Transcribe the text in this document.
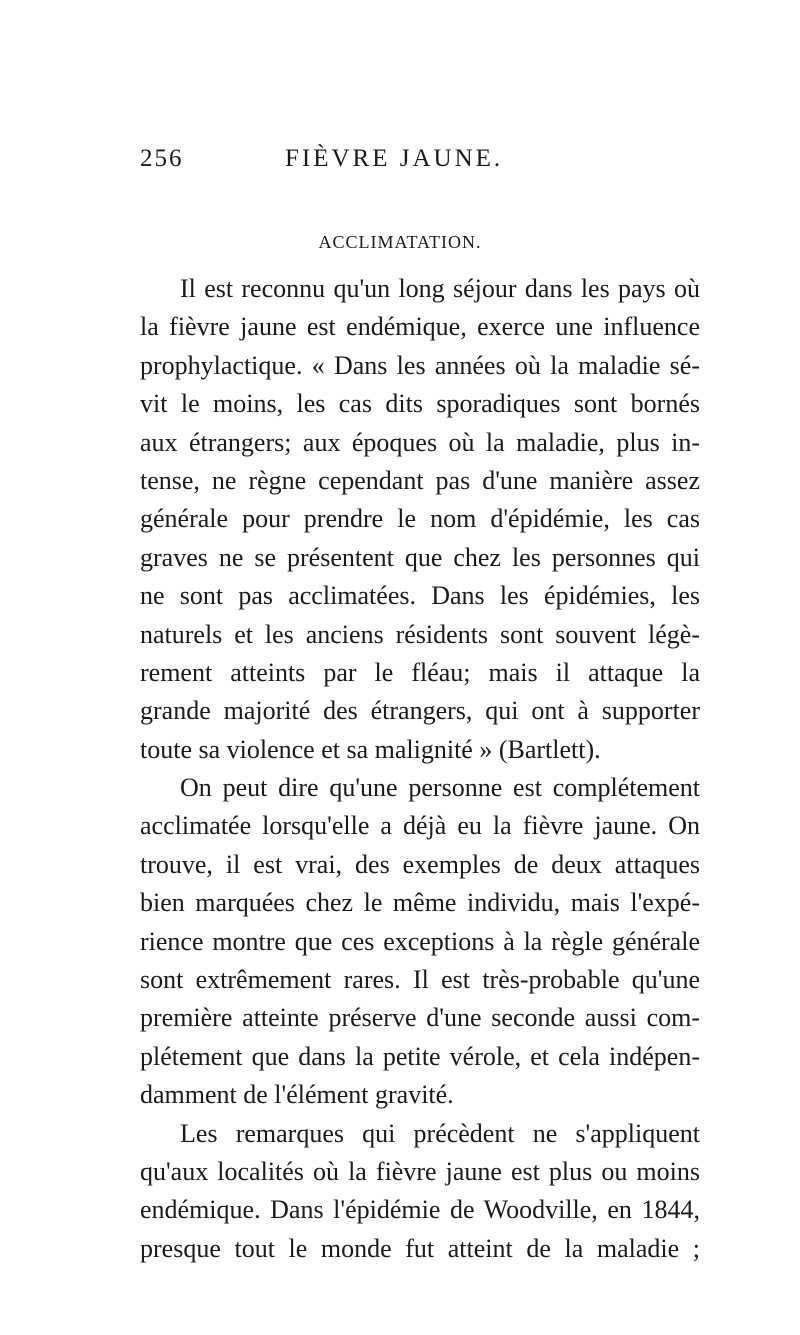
256	FIÈVRE JAUNE.
ACCLIMATATION.
Il est reconnu qu'un long séjour dans les pays où
la fièvre jaune est endémique, exerce une influence
prophylactique. « Dans les années où la maladie sé-
vit le moins, les cas dits sporadiques sont bornés
aux étrangers; aux époques où la maladie, plus in-
tense, ne règne cependant pas d'une manière assez
générale pour prendre le nom d'épidémie, les cas
graves ne se présentent que chez les personnes qui
ne sont pas acclimatées. Dans les épidémies, les
naturels et les anciens résidents sont souvent légè-
rement atteints par le fléau; mais il attaque la
grande majorité des étrangers, qui ont à supporter
toute sa violence et sa malignité » (Bartlett).
On peut dire qu'une personne est complétement
acclimatée lorsqu'elle a déjà eu la fièvre jaune. On
trouve, il est vrai, des exemples de deux attaques
bien marquées chez le même individu, mais l'expé-
rience montre que ces exceptions à la règle générale
sont extrêmement rares. Il est très-probable qu'une
première atteinte préserve d'une seconde aussi com-
plétement que dans la petite vérole, et cela indépen-
damment de l'élément gravité.
Les remarques qui précèdent ne s'appliquent
qu'aux localités où la fièvre jaune est plus ou moins
endémique. Dans l'épidémie de Woodville, en 1844,
presque tout le monde fut atteint de la maladie ;
